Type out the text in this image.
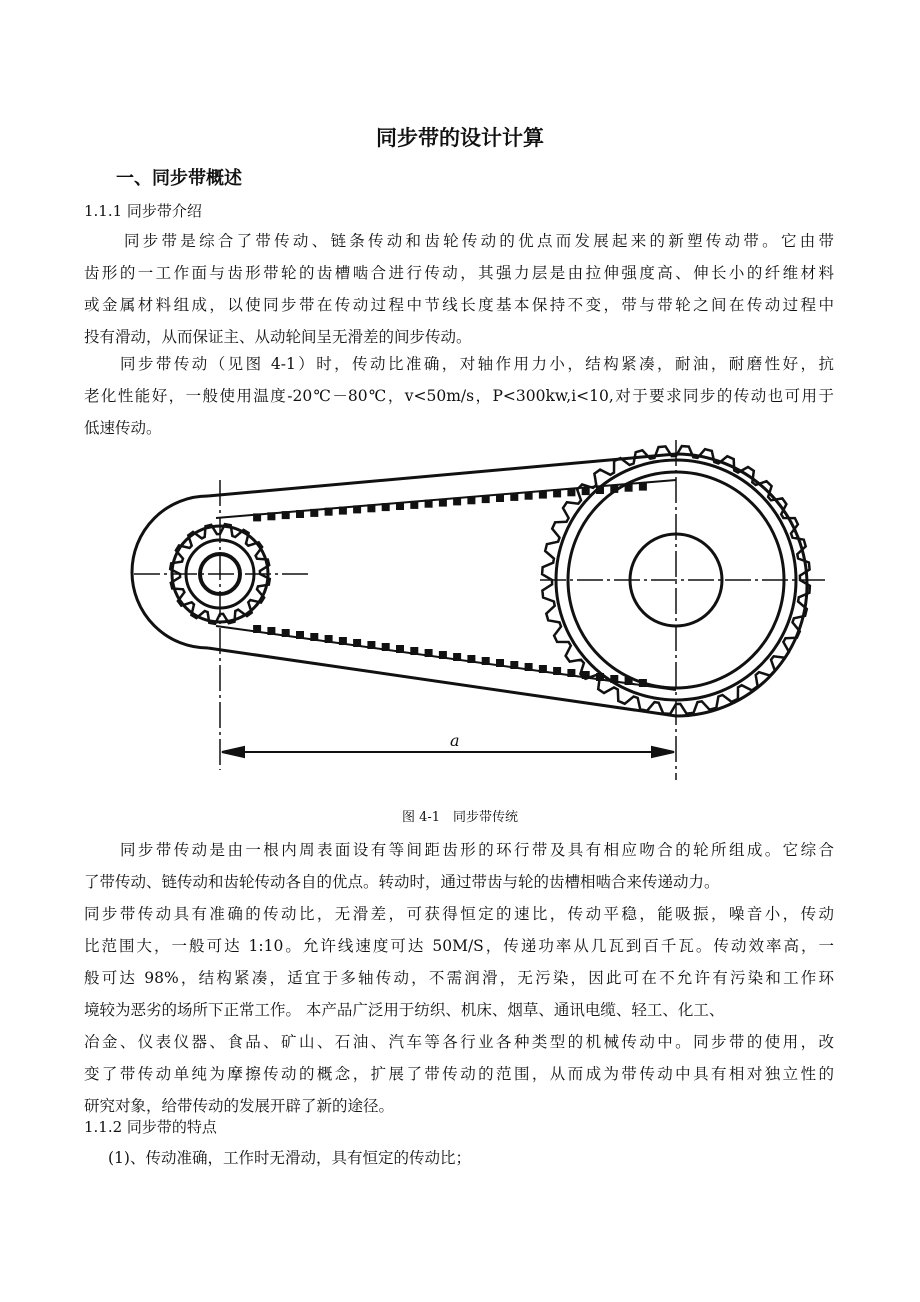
同步带的设计计算
一、同步带概述
1.1.1 同步带介绍
同步带是综合了带传动、链条传动和齿轮传动的优点而发展起来的新塑传动带。它由带
齿形的一工作面与齿形带轮的齿槽啮合进行传动，其强力层是由拉伸强度高、伸长小的纤维材料
或金属材料组成，以使同步带在传动过程中节线长度基本保持不变，带与带轮之间在传动过程中
投有滑动，从而保证主、从动轮间呈无滑差的间步传动。
同步带传动（见图 4-1）时，传动比准确，对轴作用力小，结构紧凑，耐油，耐磨性好，抗
老化性能好，一般使用温度-20℃－80℃，v<50m/s，P<300kw,i<10,对于要求同步的传动也可用于
低速传动。
a
图 4-1　同步带传统
同步带传动是由一根内周表面设有等间距齿形的环行带及具有相应吻合的轮所组成。它综合
了带传动、链传动和齿轮传动各自的优点。转动时，通过带齿与轮的齿槽相啮合来传递动力。
同步带传动具有准确的传动比，无滑差，可获得恒定的速比，传动平稳，能吸振，噪音小，传动
比范围大，一般可达 1:10。允许线速度可达 50M/S，传递功率从几瓦到百千瓦。传动效率高，一
般可达 98%，结构紧凑，适宜于多轴传动，不需润滑，无污染，因此可在不允许有污染和工作环
境较为恶劣的场所下正常工作。 本产品广泛用于纺织、机床、烟草、通讯电缆、轻工、化工、
冶金、仪表仪器、食品、矿山、石油、汽车等各行业各种类型的机械传动中。同步带的使用，改
变了带传动单纯为摩擦传动的概念，扩展了带传动的范围，从而成为带传动中具有相对独立性的
研究对象，给带传动的发展开辟了新的途径。
1.1.2 同步带的特点
(1)、传动准确，工作时无滑动，具有恒定的传动比；
